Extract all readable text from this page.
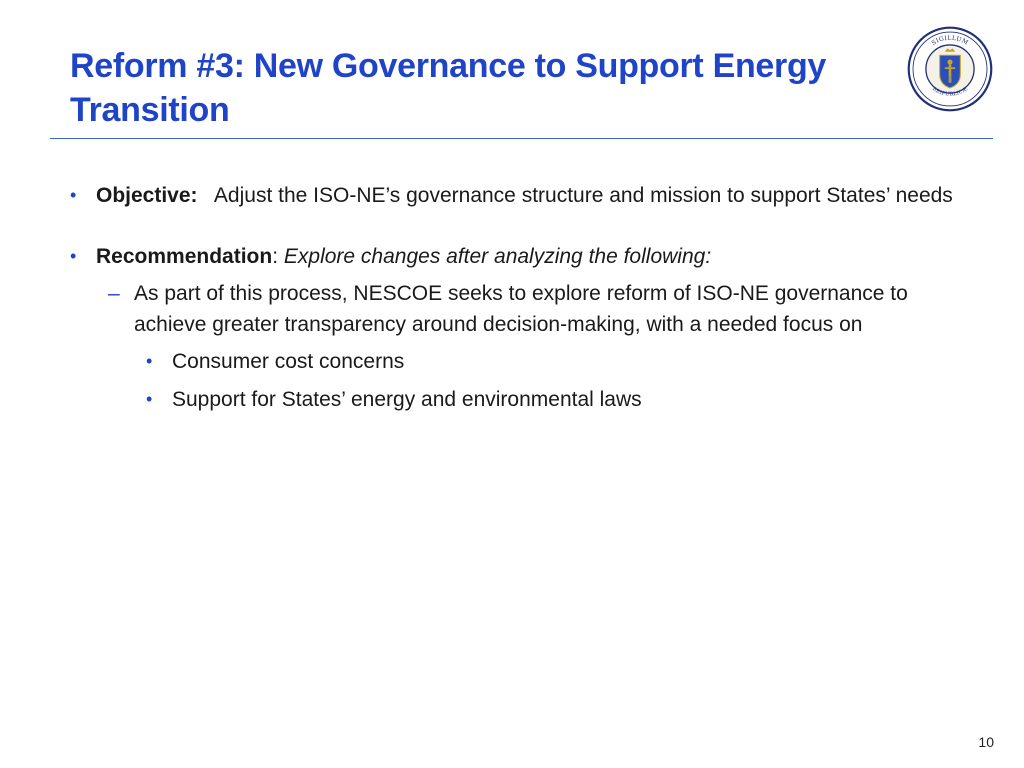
Reform #3: New Governance to Support Energy Transition
SIGILLUM
REIPUBLICÆ
• Objective: Adjust the ISO-NE’s governance structure and mission to support States’ needs
• Recommendation: Explore changes after analyzing the following:
– As part of this process, NESCOE seeks to explore reform of ISO-NE governance to achieve greater transparency around decision-making, with a needed focus on
• Consumer cost concerns
• Support for States’ energy and environmental laws
10
